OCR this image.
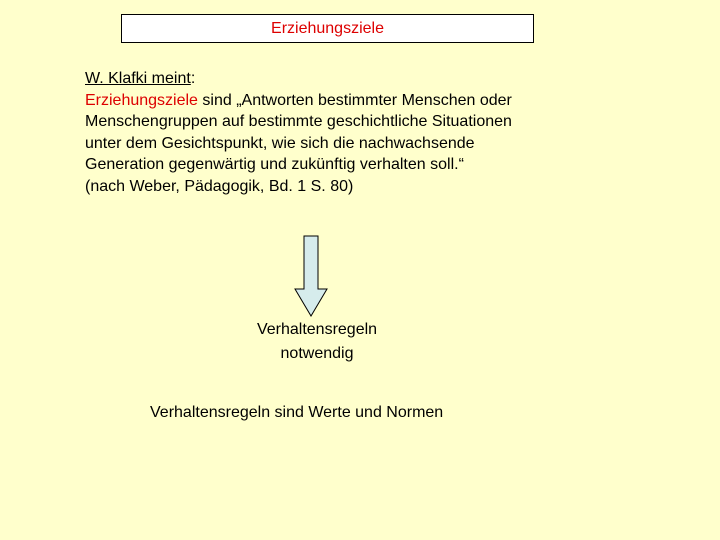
Erziehungsziele
W. Klafki meint:
Erziehungsziele sind „Antworten bestimmter Menschen oder
Menschengruppen auf bestimmte geschichtliche Situationen
unter dem Gesichtspunkt, wie sich die nachwachsende
Generation gegenwärtig und zukünftig verhalten soll.“
(nach Weber, Pädagogik, Bd. 1 S. 80)
Verhaltensregeln
notwendig
Verhaltensregeln sind Werte und Normen
